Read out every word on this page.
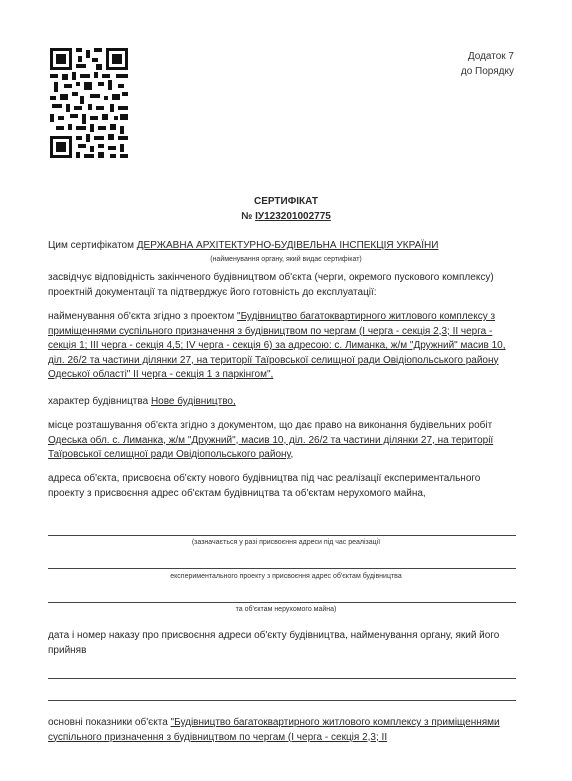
Додаток 7
до Порядку
СЕРТИФІКАТ
№ ІУ123201002775
Цим сертифікатом ДЕРЖАВНА АРХІТЕКТУРНО-БУДІВЕЛЬНА ІНСПЕКЦІЯ УКРАЇНИ
(найменування органу, який видає сертифікат)
засвідчує відповідність закінченого будівництвом об'єкта (черги, окремого пускового комплексу) проектній документації та підтверджує його готовність до експлуатації:
найменування об'єкта згідно з проектом "Будівництво багатоквартирного житлового комплексу з приміщеннями суспільного призначення з будівництвом по чергам (І черга - секція 2,3; ІІ черга - секція 1; ІІІ черга - секція 4,5; IV черга - секція 6) за адресою: с. Лиманка, ж/м "Дружний" масив 10, діл. 26/2 та частини ділянки 27, на території Таїровської селищної ради Овідіопольського району Одеської області" ІІ черга - секція 1 з паркінгом",
характер будівництва Нове будівництво,
місце розташування об'єкта згідно з документом, що дає право на виконання будівельних робіт Одеська обл. с. Лиманка, ж/м "Дружний", масив 10, діл. 26/2 та частини ділянки 27, на території Таїровської селищної ради Овідіопольського району,
адреса об'єкта, присвоєна об'єкту нового будівництва під час реалізації експериментального проекту з присвоєння адрес об'єктам будівництва та об'єктам нерухомого майна,
(зазначається у разі присвоєння адреси під час реалізації
експериментального проекту з присвоєння адрес об'єктам будівництва
та об'єктам нерухомого майна)
дата і номер наказу про присвоєння адреси об'єкту будівництва, найменування органу, який його прийняв
основні показники об'єкта "Будівництво багатоквартирного житлового комплексу з приміщеннями суспільного призначення з будівництвом по чергам (І черга - секція 2,3; ІІ
